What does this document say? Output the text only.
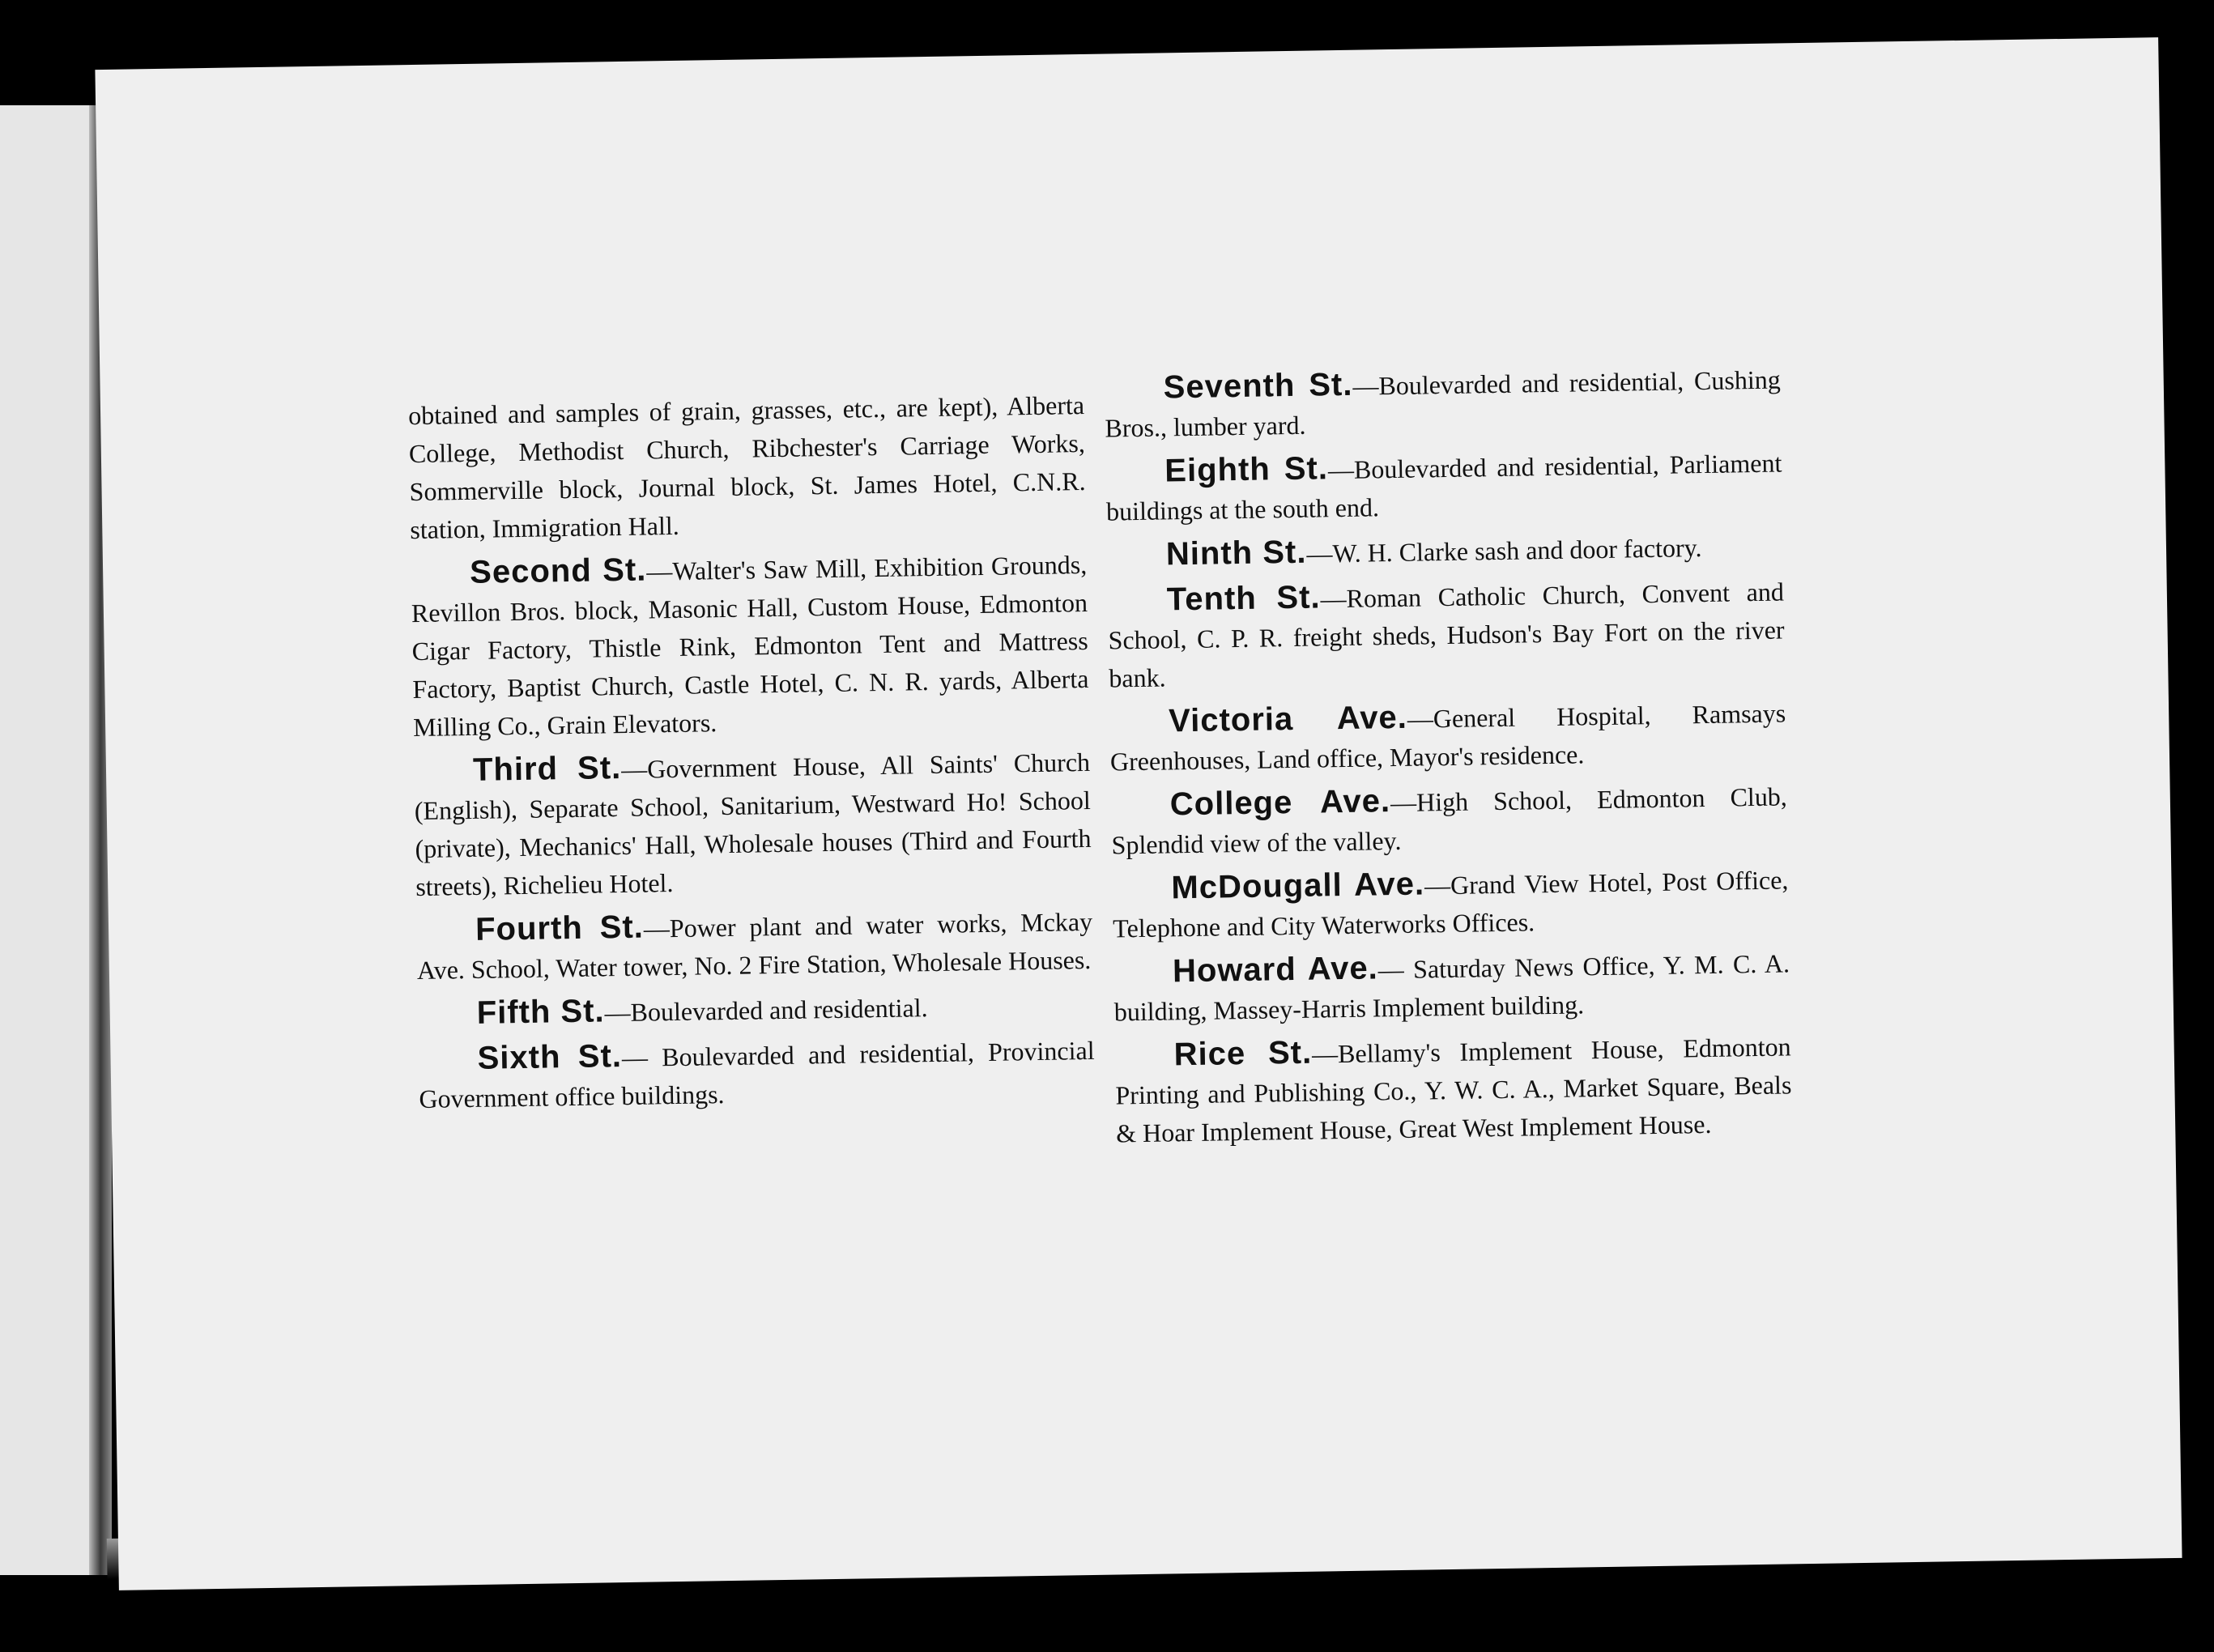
obtained and samples of grain, grasses, etc., are kept), Alberta College, Methodist Church, Ribchester's Carriage Works, Sommerville block, Journal block, St. James Hotel, C.N.R. station, Immigration Hall.

Second St.—Walter's Saw Mill, Exhibition Grounds, Revillon Bros. block, Masonic Hall, Custom House, Edmonton Cigar Factory, Thistle Rink, Edmonton Tent and Mattress Factory, Baptist Church, Castle Hotel, C. N. R. yards, Alberta Milling Co., Grain Elevators.

Third St.—Government House, All Saints' Church (English), Separate School, Sanitarium, Westward Ho! School (private), Mechanics' Hall, Wholesale houses (Third and Fourth streets), Richelieu Hotel.

Fourth St.—Power plant and water works, Mckay Ave. School, Water tower, No. 2 Fire Station, Wholesale Houses.

Fifth St.—Boulevarded and residential.

Sixth St.— Boulevarded and residential, Provincial Government office buildings.

Seventh St.—Boulevarded and residential, Cushing Bros., lumber yard.

Eighth St.—Boulevarded and residential, Parliament buildings at the south end.

Ninth St.—W. H. Clarke sash and door factory.

Tenth St.—Roman Catholic Church, Convent and School, C. P. R. freight sheds, Hudson's Bay Fort on the river bank.

Victoria Ave.—General Hospital, Ramsays Greenhouses, Land office, Mayor's residence.

College Ave.—High School, Edmonton Club, Splendid view of the valley.

McDougall Ave.—Grand View Hotel, Post Office, Telephone and City Waterworks Offices.

Howard Ave.— Saturday News Office, Y. M. C. A. building, Massey-Harris Implement building.

Rice St.—Bellamy's Implement House, Edmonton Printing and Publishing Co., Y. W. C. A., Market Square, Beals & Hoar Implement House, Great West Implement House.
